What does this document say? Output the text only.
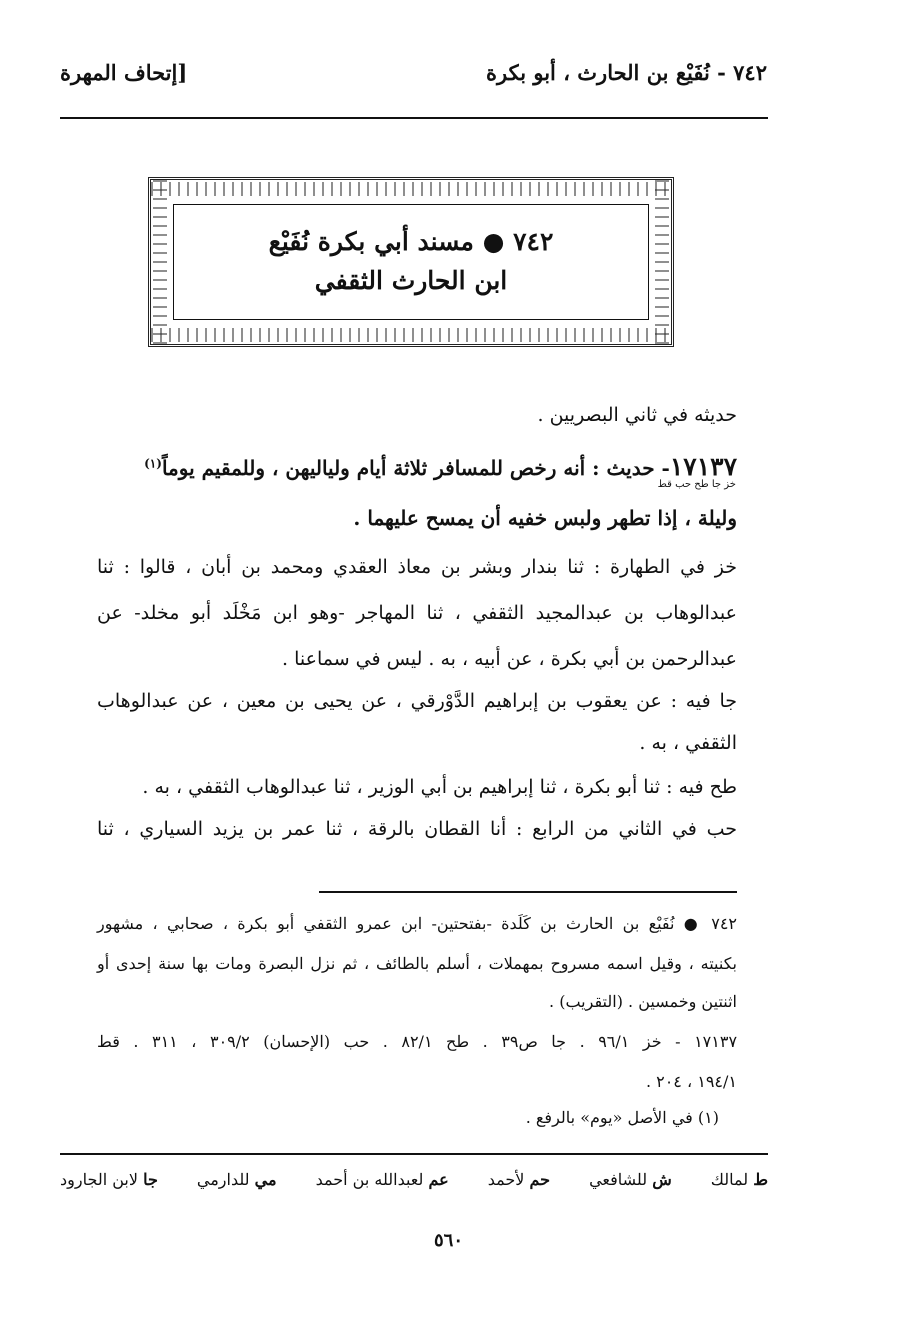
٧٤٢ - نُفَيْع بن الحارث ، أبو بكرة
[إتحاف المهرة
٧٤٢ ● مسند أبي بكرة نُفَيْع
ابن الحارث الثقفي
حديثه في ثاني البصريين .
١٧١٣٧- حديث : أنه رخص للمسافر ثلاثة أيام ولياليهن ، وللمقيم يوماً$^{(١)}$
خز جا طح حب قط
وليلة ، إذا تطهر ولبس خفيه أن يمسح عليهما .
خز في الطهارة : ثنا بندار وبشر بن معاذ العقدي ومحمد بن أبان ، قالوا : ثنا
عبدالوهاب بن عبدالمجيد الثقفي ، ثنا المهاجر -وهو ابن مَخْلَد أبو مخلد- عن
عبدالرحمن بن أبي بكرة ، عن أبيه ، به . ليس في سماعنا .
جا فيه : عن يعقوب بن إبراهيم الدَّوْرقي ، عن يحيى بن معين ، عن عبدالوهاب
الثقفي ، به .
طح فيه : ثنا أبو بكرة ، ثنا إبراهيم بن أبي الوزير ، ثنا عبدالوهاب الثقفي ، به .
حب في الثاني من الرابع : أنا القطان بالرقة ، ثنا عمر بن يزيد السياري ، ثنا
٧٤٢ ● نُفَيْع بن الحارث بن كَلَدة -بفتحتين- ابن عمرو الثقفي أبو بكرة ، صحابي ، مشهور
بكنيته ، وقيل اسمه مسروح بمهملات ، أسلم بالطائف ، ثم نزل البصرة ومات بها سنة إحدى أو
اثنتين وخمسين . (التقريب) .
١٧١٣٧ - خز ٩٦/١ . جا ص٣٩ . طح ٨٢/١ . حب (الإحسان) ٣٠٩/٢ ، ٣١١ . قط
١٩٤/١ ، ٢٠٤ .
(١) في الأصل «يوم» بالرفع .
ط لمالك
ش للشافعي
حم لأحمد
عم لعبدالله بن أحمد
مي للدارمي
جا لابن الجارود
٥٦٠
